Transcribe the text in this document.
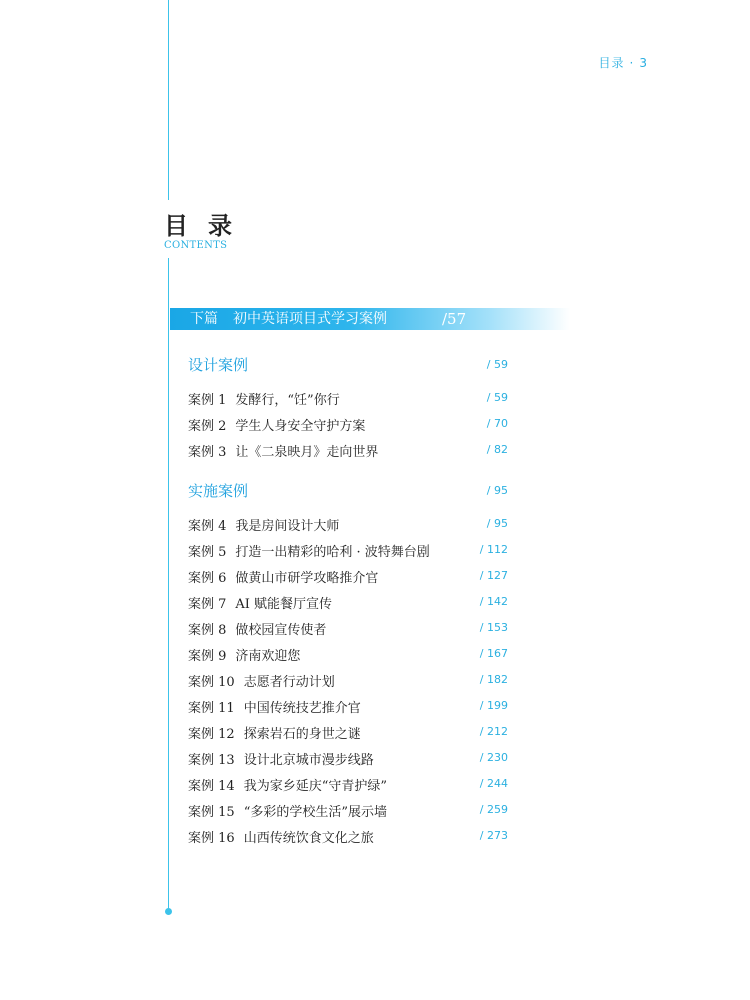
目录 · 3
目录
CONTENTS
下篇 初中英语项目式学习案例	/57
设计案例	/ 59
案例 1 发酵行，“饪”你行	/ 59
案例 2 学生人身安全守护方案	/ 70
案例 3 让《二泉映月》走向世界	/ 82
实施案例	/ 95
案例 4 我是房间设计大师	/ 95
案例 5 打造一出精彩的哈利 · 波特舞台剧	/ 112
案例 6 做黄山市研学攻略推介官	/ 127
案例 7 AI 赋能餐厅宣传	/ 142
案例 8 做校园宣传使者	/ 153
案例 9 济南欢迎您	/ 167
案例 10 志愿者行动计划	/ 182
案例 11 中国传统技艺推介官	/ 199
案例 12 探索岩石的身世之谜	/ 212
案例 13 设计北京城市漫步线路	/ 230
案例 14 我为家乡延庆“守青护绿”	/ 244
案例 15 “多彩的学校生活”展示墙	/ 259
案例 16 山西传统饮食文化之旅	/ 273
